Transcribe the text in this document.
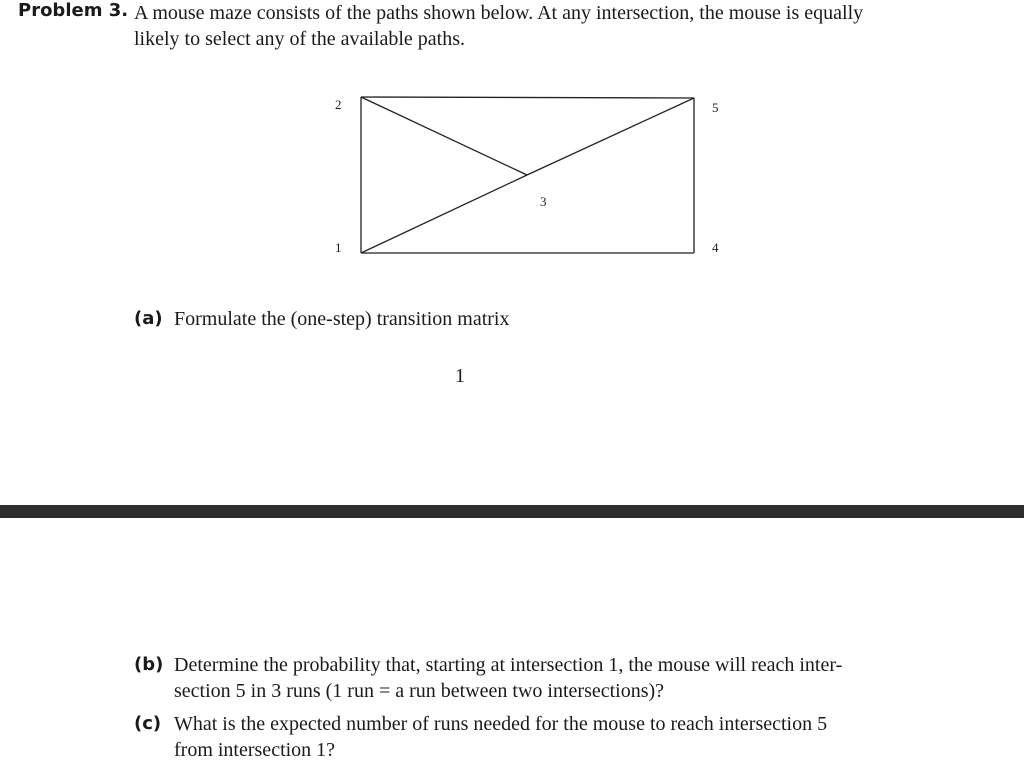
Problem 3. A mouse maze consists of the paths shown below. At any intersection, the mouse is equally
likely to select any of the available paths.
2	5
3
1	4
(a) Formulate the (one-step) transition matrix
1
(b) Determine the probability that, starting at intersection 1, the mouse will reach inter-
section 5 in 3 runs (1 run = a run between two intersections)?
(c) What is the expected number of runs needed for the mouse to reach intersection 5
from intersection 1?
